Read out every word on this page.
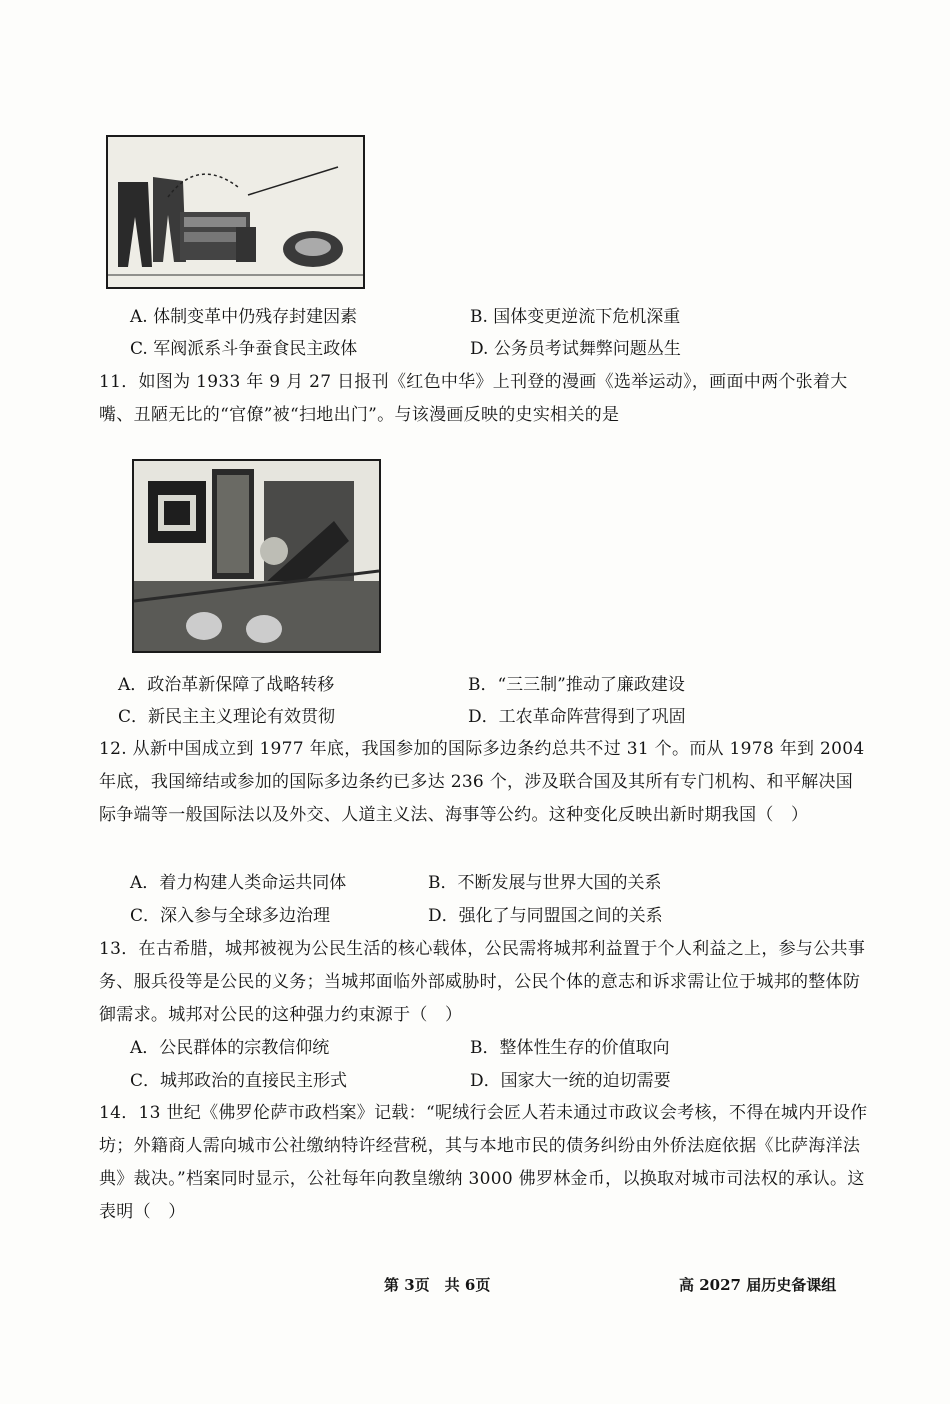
A. 体制变革中仍残存封建因素	B. 国体变更逆流下危机深重
C. 军阀派系斗争蚕食民主政体	D. 公务员考试舞弊问题丛生
11．如图为 1933 年 9 月 27 日报刊《红色中华》上刊登的漫画《选举运动》，画面中两个张着大嘴、丑陋无比的“官僚”被“扫地出门”。与该漫画反映的史实相关的是
A．政治革新保障了战略转移	B．“三三制”推动了廉政建设
C．新民主主义理论有效贯彻	D．工农革命阵营得到了巩固
12. 从新中国成立到 1977 年底，我国参加的国际多边条约总共不过 31 个。而从 1978 年到 2004 年底，我国缔结或参加的国际多边条约已多达 236 个，涉及联合国及其所有专门机构、和平解决国际争端等一般国际法以及外交、人道主义法、海事等公约。这种变化反映出新时期我国（　）
A．着力构建人类命运共同体	B．不断发展与世界大国的关系
C．深入参与全球多边治理	D．强化了与同盟国之间的关系
13．在古希腊，城邦被视为公民生活的核心载体，公民需将城邦利益置于个人利益之上，参与公共事务、服兵役等是公民的义务；当城邦面临外部威胁时，公民个体的意志和诉求需让位于城邦的整体防御需求。城邦对公民的这种强力约束源于（　）
A．公民群体的宗教信仰统	B．整体性生存的价值取向
C．城邦政治的直接民主形式	D．国家大一统的迫切需要
14．13 世纪《佛罗伦萨市政档案》记载：“呢绒行会匠人若未通过市政议会考核，不得在城内开设作坊；外籍商人需向城市公社缴纳特许经营税，其与本地市民的债务纠纷由外侨法庭依据《比萨海洋法典》裁决。”档案同时显示，公社每年向教皇缴纳 3000 佛罗林金币，以换取对城市司法权的承认。这表明（　）
第 3页　共 6页	高 2027 届历史备课组
